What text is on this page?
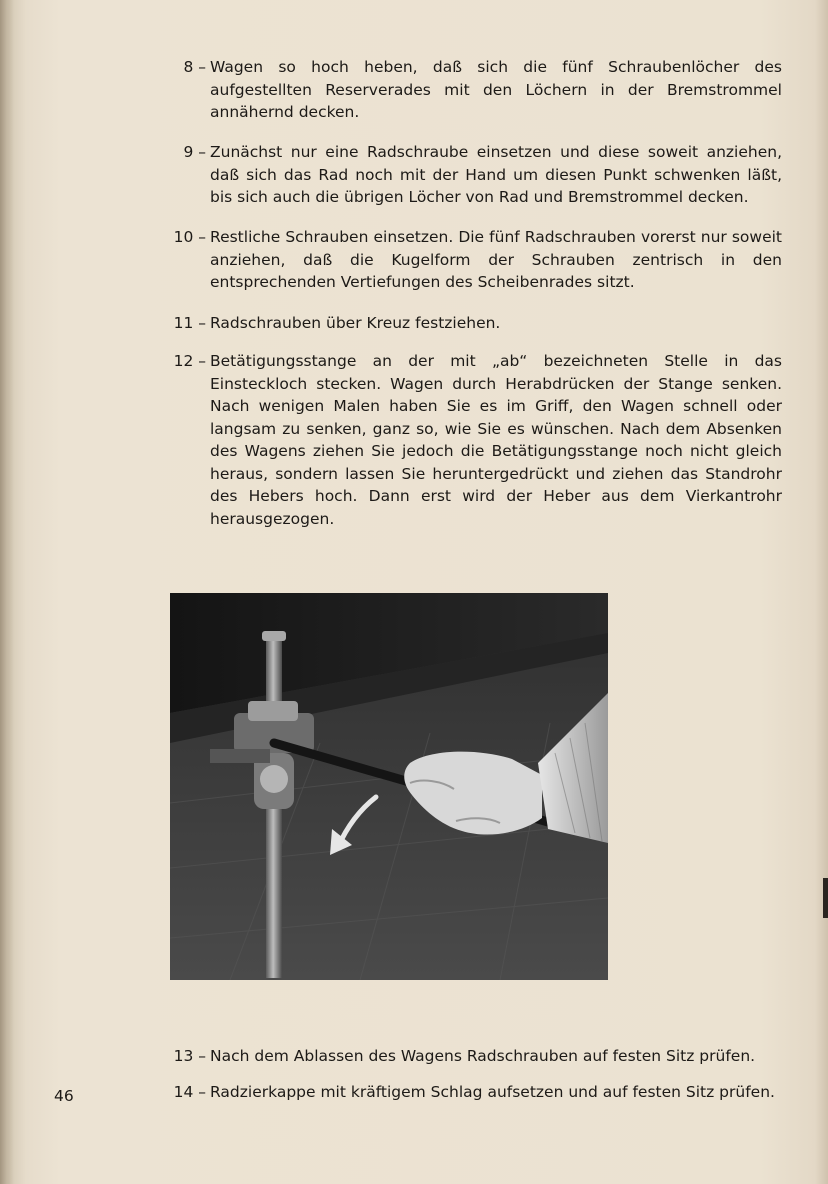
8 – Wagen so hoch heben, daß sich die fünf Schraubenlöcher des aufgestellten Reserverades mit den Löchern in der Bremstrommel annähernd decken.
9 – Zunächst nur eine Radschraube einsetzen und diese soweit anziehen, daß sich das Rad noch mit der Hand um diesen Punkt schwenken läßt, bis sich auch die übrigen Löcher von Rad und Bremstrommel decken.
10 – Restliche Schrauben einsetzen. Die fünf Radschrauben vorerst nur soweit anziehen, daß die Kugelform der Schrauben zentrisch in den entsprechenden Vertiefungen des Scheibenrades sitzt.
11 – Radschrauben über Kreuz festziehen.
12 – Betätigungsstange an der mit „ab“ bezeichneten Stelle in das Einsteckloch stecken. Wagen durch Herabdrücken der Stange senken. Nach wenigen Malen haben Sie es im Griff, den Wagen schnell oder langsam zu senken, ganz so, wie Sie es wünschen. Nach dem Absenken des Wagens ziehen Sie jedoch die Betätigungsstange noch nicht gleich heraus, sondern lassen Sie heruntergedrückt und ziehen das Standrohr des Hebers hoch. Dann erst wird der Heber aus dem Vierkantrohr herausgezogen.
13 – Nach dem Ablassen des Wagens Radschrauben auf festen Sitz prüfen.
14 – Radzierkappe mit kräftigem Schlag aufsetzen und auf festen Sitz prüfen.
46
